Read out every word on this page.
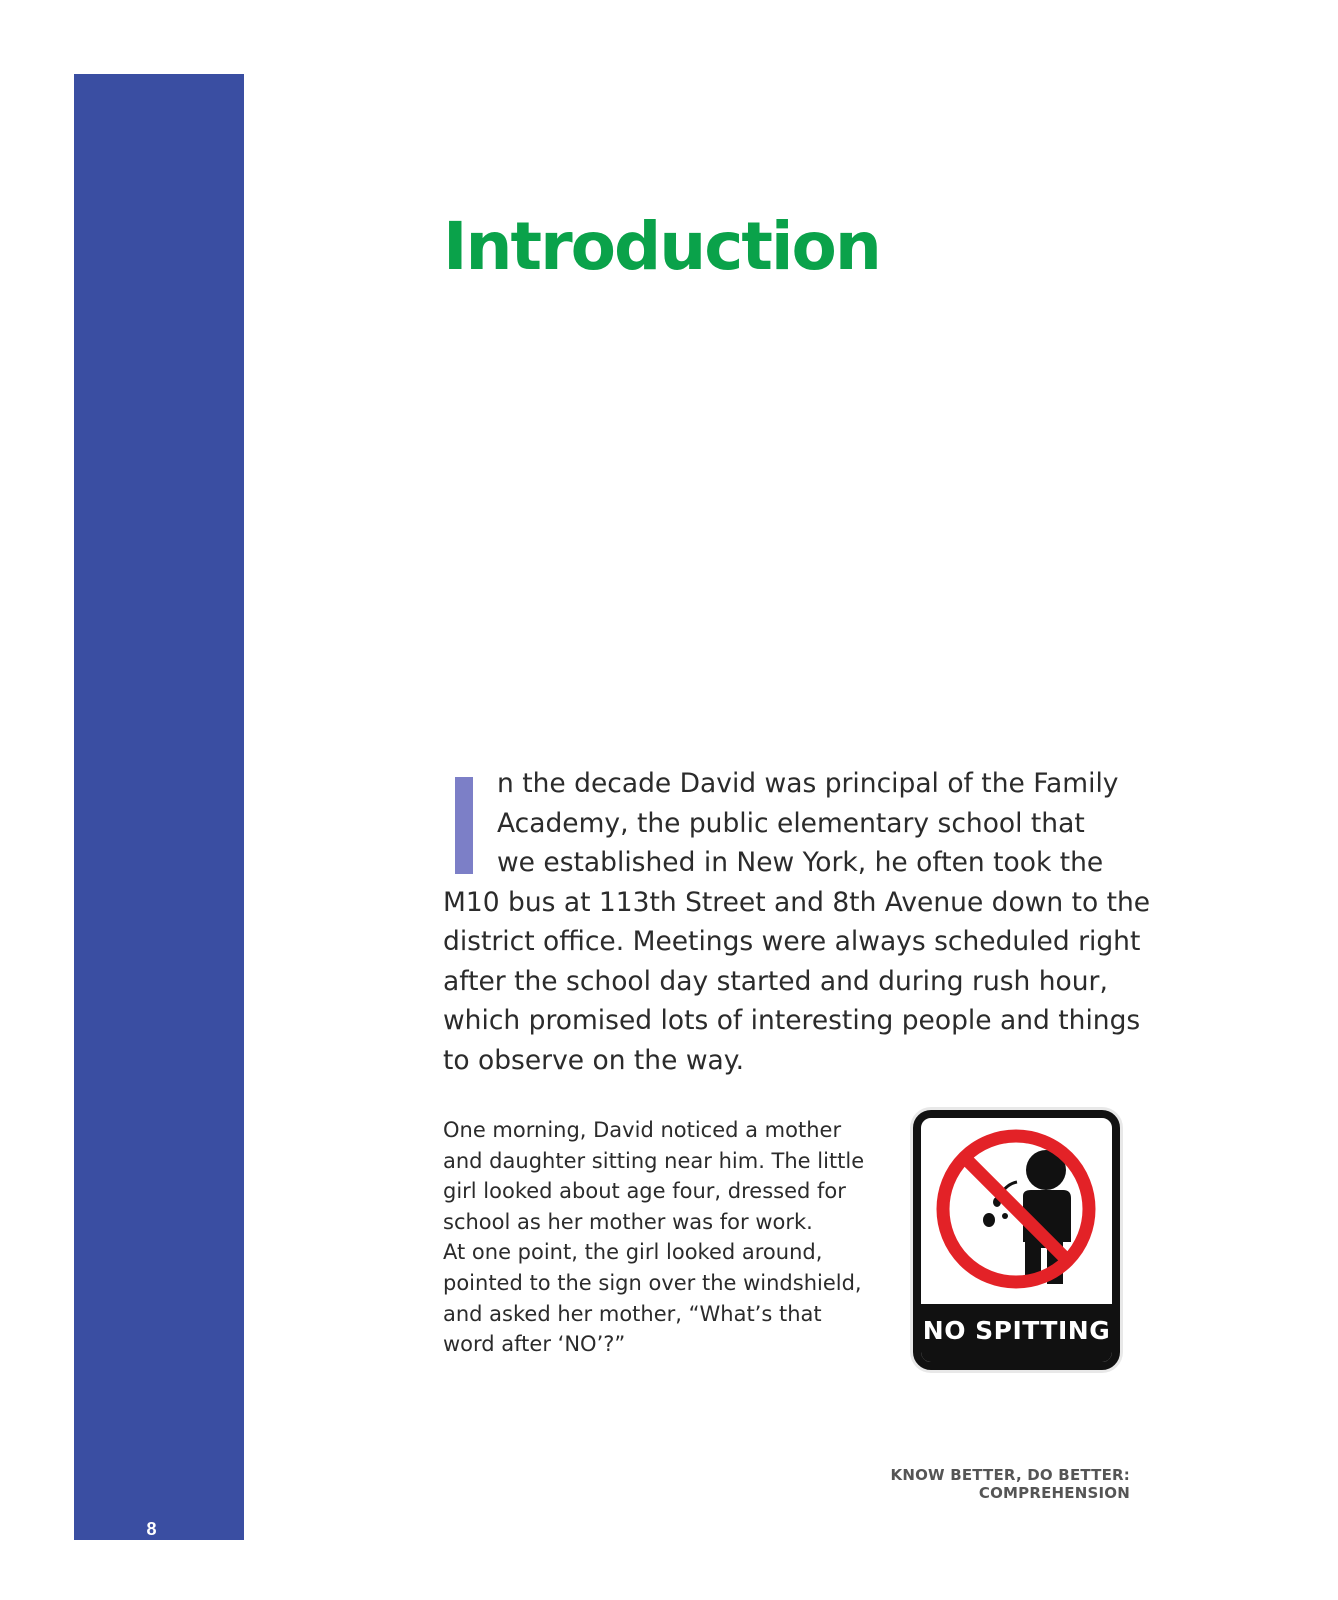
8
Introduction
n the decade David was principal of the Family
Academy, the public elementary school that
we established in New York, he often took the
M10 bus at 113th Street and 8th Avenue down to the
district office. Meetings were always scheduled right
after the school day started and during rush hour,
which promised lots of interesting people and things
to observe on the way.
One morning, David noticed a mother
and daughter sitting near him. The little
girl looked about age four, dressed for
school as her mother was for work.
At one point, the girl looked around,
pointed to the sign over the windshield,
and asked her mother, “What’s that
word after ‘NO’?”	NO SPITTING
KNOW BETTER, DO BETTER: COMPREHENSION
